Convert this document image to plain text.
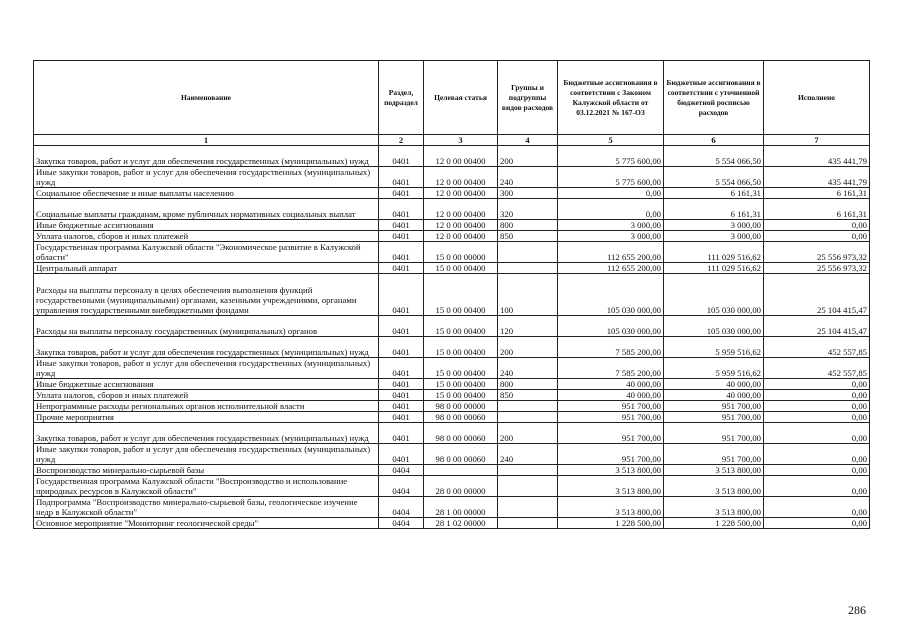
Наименование	Раздел, подраздел	Целевая статья	Группы и подгруппы видов расходов	Бюджетные ассигнования в соответствии с Законом Калужской области от 03.12.2021 № 167-ОЗ	Бюджетные ассигнования в соответствии с уточненной бюджетной росписью расходов	Исполнено
1	2	3	4	5	6	7
Закупка товаров, работ и услуг для обеспечения государственных (муниципальных) нужд	0401	12 0 00 00400	200	5 775 600,00	5 554 066,50	435 441,79
Иные закупки товаров, работ и услуг для обеспечения государственных (муниципальных) нужд	0401	12 0 00 00400	240	5 775 600,00	5 554 066,50	435 441,79
Социальное обеспечение и иные выплаты населению	0401	12 0 00 00400	300	0,00	6 161,31	6 161,31
Социальные выплаты гражданам, кроме публичных нормативных социальных выплат	0401	12 0 00 00400	320	0,00	6 161,31	6 161,31
Иные бюджетные ассигнования	0401	12 0 00 00400	800	3 000,00	3 000,00	0,00
Уплата налогов, сборов и иных платежей	0401	12 0 00 00400	850	3 000,00	3 000,00	0,00
Государственная программа Калужской области "Экономическое развитие в Калужской области"	0401	15 0 00 00000		112 655 200,00	111 029 516,62	25 556 973,32
Центральный аппарат	0401	15 0 00 00400		112 655 200,00	111 029 516,62	25 556 973,32
Расходы на выплаты персоналу в целях обеспечения выполнения функций государственными (муниципальными) органами, казенными учреждениями, органами управления государственными внебюджетными фондами	0401	15 0 00 00400	100	105 030 000,00	105 030 000,00	25 104 415,47
Расходы на выплаты персоналу государственных (муниципальных) органов	0401	15 0 00 00400	120	105 030 000,00	105 030 000,00	25 104 415,47
Закупка товаров, работ и услуг для обеспечения государственных (муниципальных) нужд	0401	15 0 00 00400	200	7 585 200,00	5 959 516,62	452 557,85
Иные закупки товаров, работ и услуг для обеспечения государственных (муниципальных) нужд	0401	15 0 00 00400	240	7 585 200,00	5 959 516,62	452 557,85
Иные бюджетные ассигнования	0401	15 0 00 00400	800	40 000,00	40 000,00	0,00
Уплата налогов, сборов и иных платежей	0401	15 0 00 00400	850	40 000,00	40 000,00	0,00
Непрограммные расходы региональных органов исполнительной власти	0401	98 0 00 00000		951 700,00	951 700,00	0,00
Прочие мероприятия	0401	98 0 00 00060		951 700,00	951 700,00	0,00
Закупка товаров, работ и услуг для обеспечения государственных (муниципальных) нужд	0401	98 0 00 00060	200	951 700,00	951 700,00	0,00
Иные закупки товаров, работ и услуг для обеспечения государственных (муниципальных) нужд	0401	98 0 00 00060	240	951 700,00	951 700,00	0,00
Воспроизводство минерально-сырьевой базы	0404			3 513 800,00	3 513 800,00	0,00
Государственная программа Калужской области "Воспроизводство и использование природных ресурсов в Калужской области"	0404	28 0 00 00000		3 513 800,00	3 513 800,00	0,00
Подпрограмма "Воспроизводство минерально-сырьевой базы, геологическое изучение недр в Калужской области"	0404	28 1 00 00000		3 513 800,00	3 513 800,00	0,00
Основное мероприятие "Мониторинг геологической среды"	0404	28 1 02 00000		1 228 500,00	1 228 500,00	0,00
286
